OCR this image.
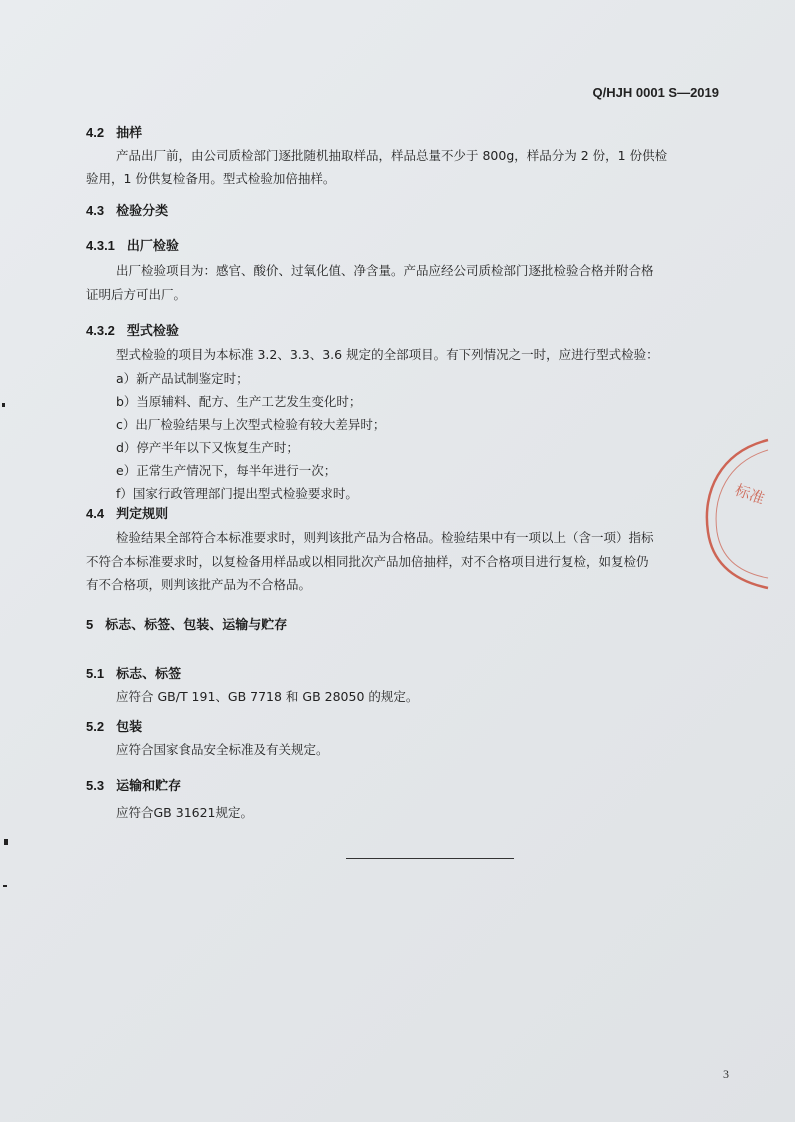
Q/HJH 0001 S—2019
4.2 抽样
产品出厂前，由公司质检部门逐批随机抽取样品，样品总量不少于 800g，样品分为 2 份，1 份供检
验用，1 份供复检备用。型式检验加倍抽样。
4.3 检验分类
4.3.1 出厂检验
出厂检验项目为：感官、酸价、过氧化值、净含量。产品应经公司质检部门逐批检验合格并附合格
证明后方可出厂。
4.3.2 型式检验
型式检验的项目为本标准 3.2、3.3、3.6 规定的全部项目。有下列情况之一时，应进行型式检验：
a）新产品试制鉴定时；
b）当原辅料、配方、生产工艺发生变化时；
c）出厂检验结果与上次型式检验有较大差异时；
d）停产半年以下又恢复生产时；
e）正常生产情况下，每半年进行一次；
f）国家行政管理部门提出型式检验要求时。
4.4 判定规则
检验结果全部符合本标准要求时，则判该批产品为合格品。检验结果中有一项以上（含一项）指标
不符合本标准要求时，以复检备用样品或以相同批次产品加倍抽样，对不合格项目进行复检，如复检仍
有不合格项，则判该批产品为不合格品。
5 标志、标签、包装、运输与贮存
5.1 标志、标签
应符合 GB/T 191、GB 7718 和 GB 28050 的规定。
5.2 包装
应符合国家食品安全标准及有关规定。
5.3 运输和贮存
应符合GB 31621规定。
标准
3
